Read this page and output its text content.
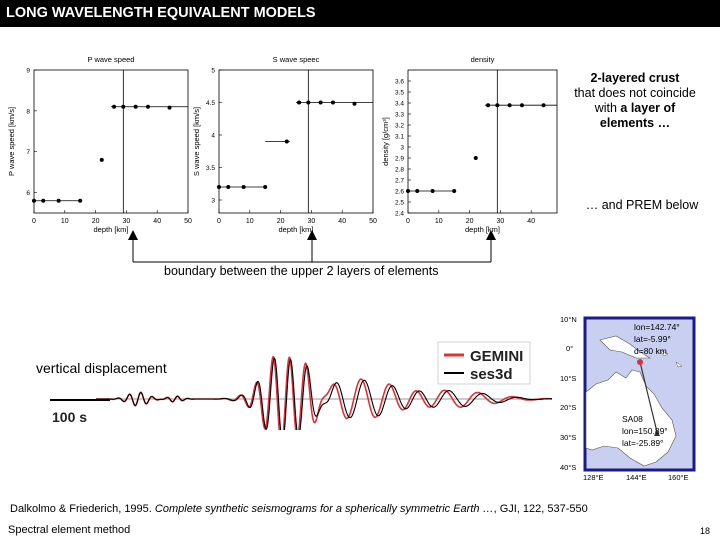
LONG WAVELENGTH EQUIVALENT MODELS
P wave speed
0	10	20	30	40	50
6
7
8
9
depth [km]
P wave speed [km/s]
S wave speec
0	10	20	30	40	50
3
3.5
4
4.5
5
depth [km]
S wave speed [km/s]
density
0	10	20	30	40
2.4
2.5
2.6
2.7
2.8
2.9
3
3.1
3.2
3.3
3.4
3.5
3.6
depth [km]
density [g/cm³]
2-layered crust
that does not coincide
with a layer of
elements …
… and PREM below
boundary between the upper 2 layers of elements
vertical displacement
GEMINI
ses3d
100 s
10°N
0°
10°S
20°S
30°S
40°S
128°E	144°E	160°E
lon=142.74°
lat=-5.99°
d=80 km
SA08
lon=150.89°
lat=-25.89°
Dalkolmo & Friederich, 1995. Complete synthetic seismograms for a spherically symmetric Earth …, GJI, 122, 537-550
Spectral element method	18
